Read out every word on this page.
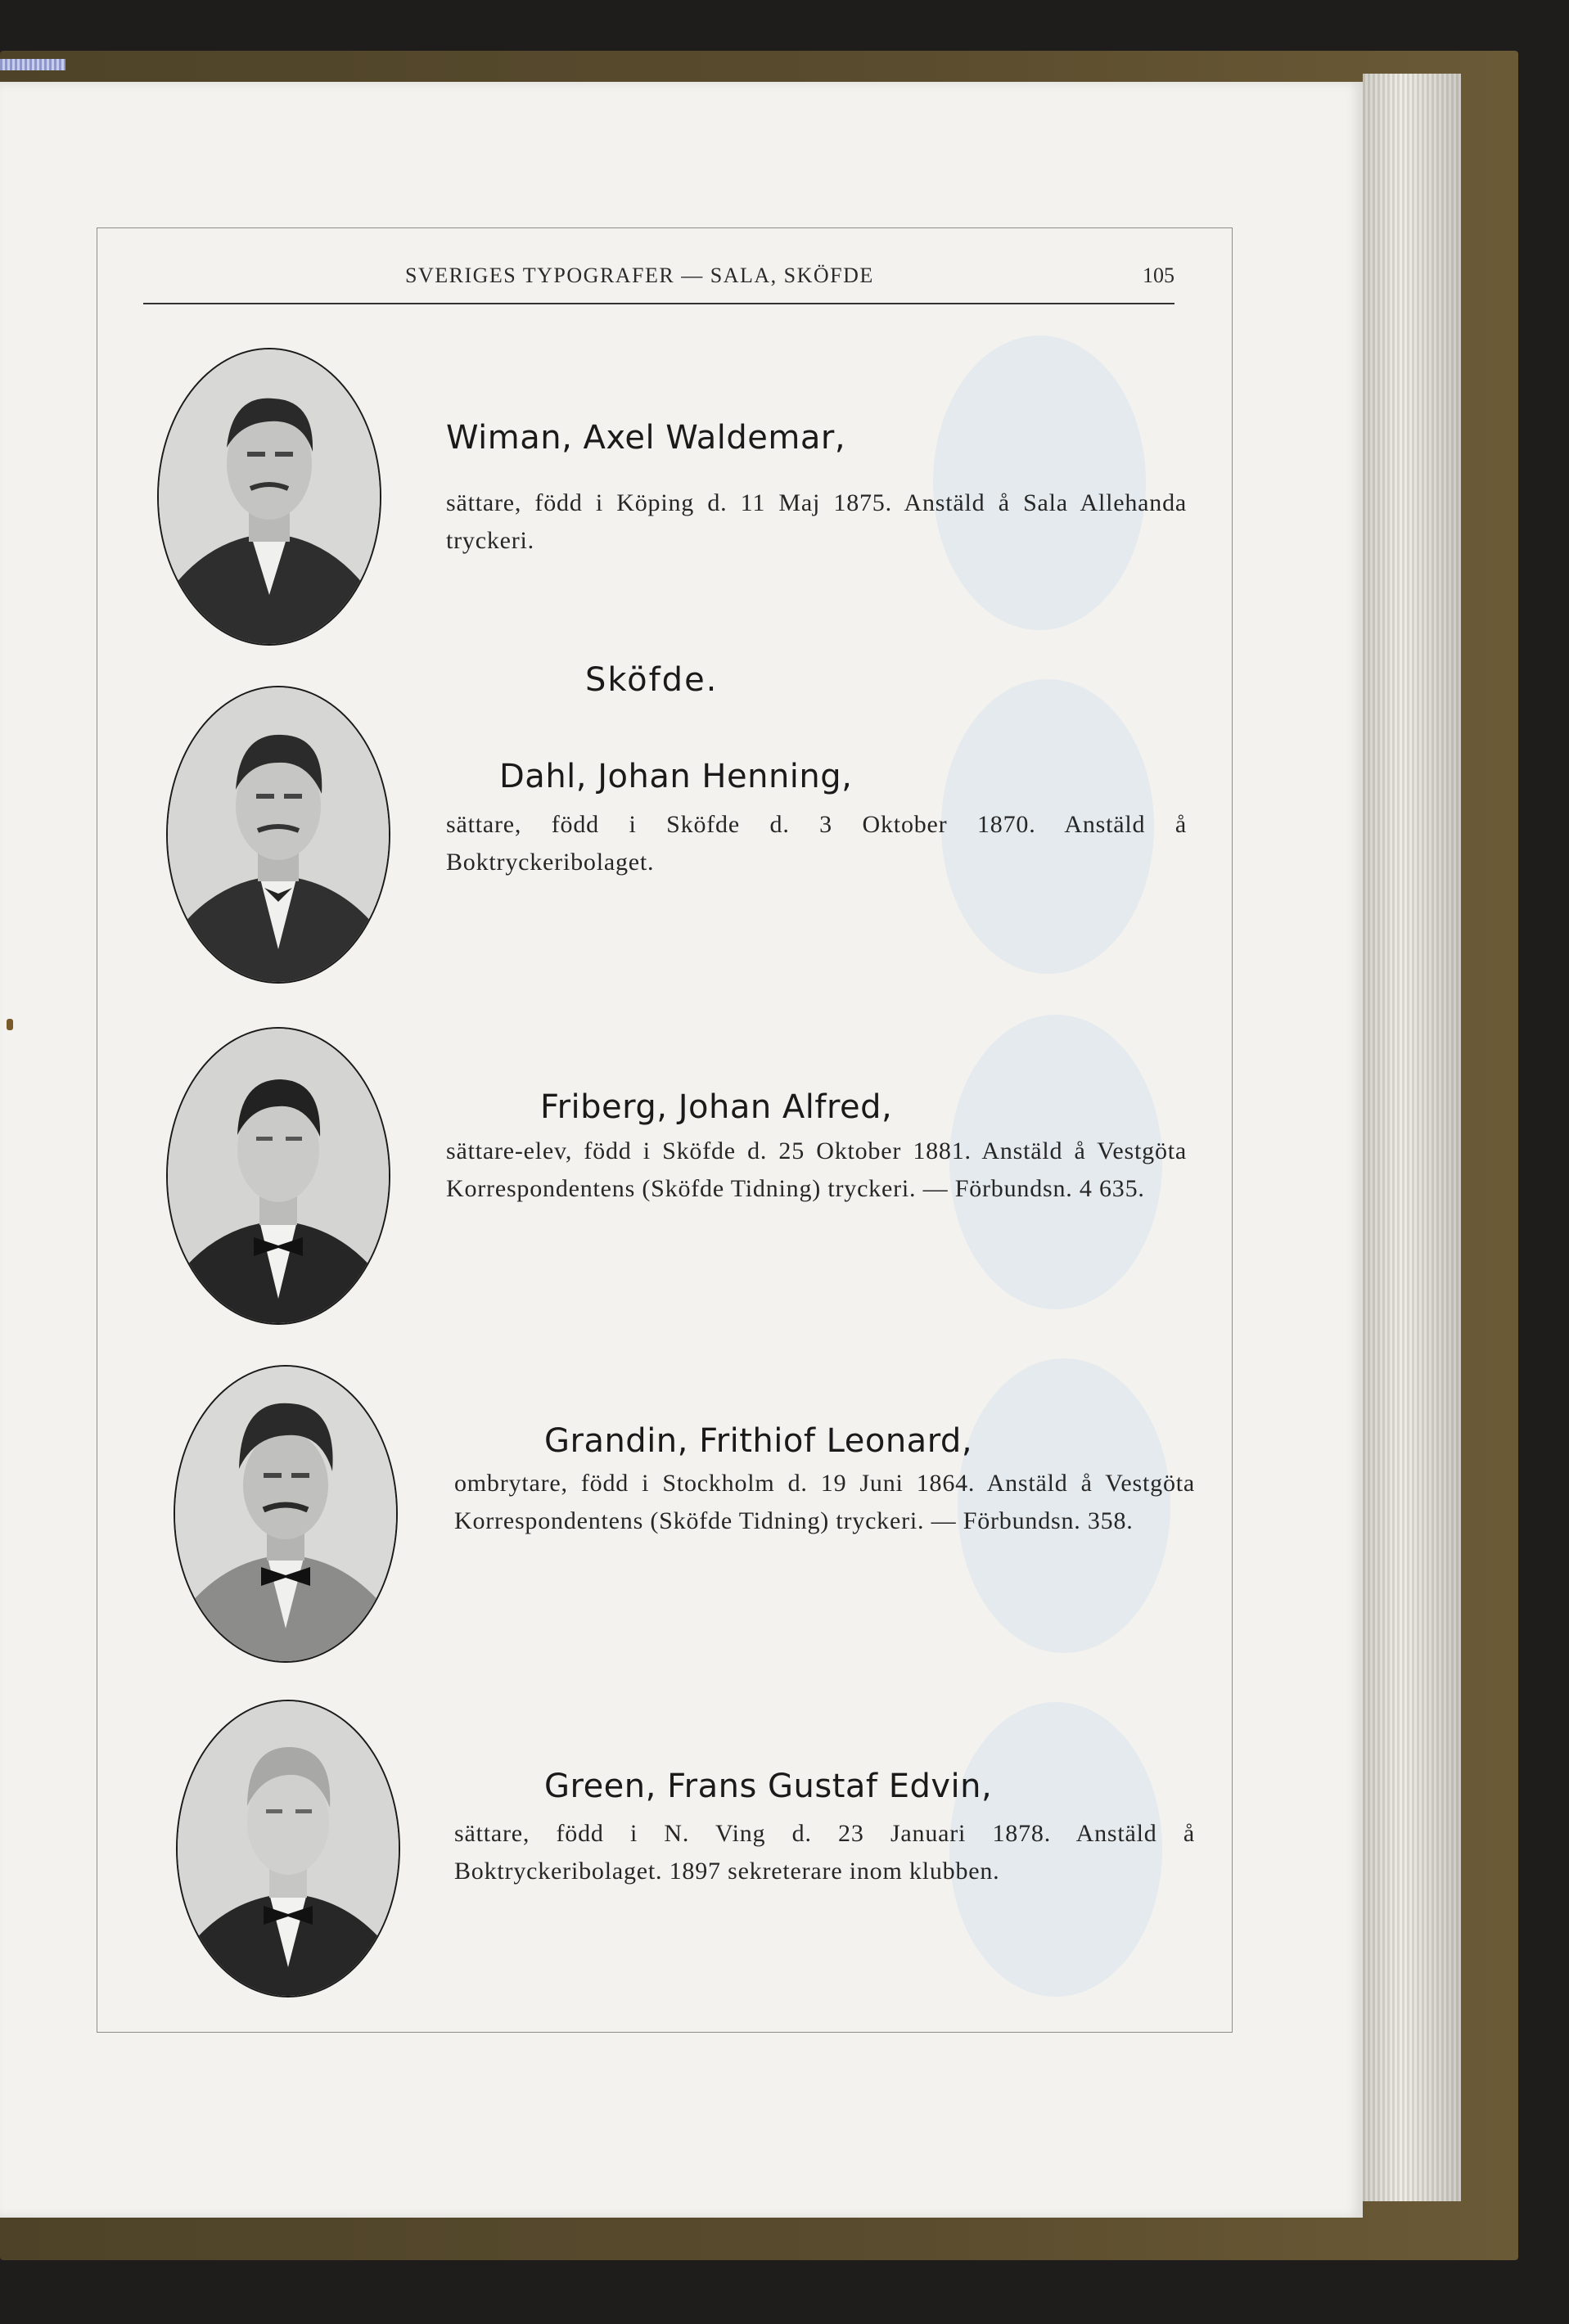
SVERIGES TYPOGRAFER — SALA, SKÖFDE	105
Sköfde.
Wiman, Axel Waldemar,
sättare, född i Köping d. 11 Maj 1875. Anstäld å Sala Allehanda tryckeri.
Dahl, Johan Henning,
sättare, född i Sköfde d. 3 Oktober 1870. Anstäld å Boktryckeribolaget.
Friberg, Johan Alfred,
sättare-elev, född i Sköfde d. 25 Oktober 1881. Anstäld å Vestgöta Korrespondentens (Sköfde Tidning) tryckeri. — Förbundsn. 4 635.
Grandin, Frithiof Leonard,
ombrytare, född i Stockholm d. 19 Juni 1864. Anstäld å Vestgöta Korrespondentens (Sköfde Tidning) tryckeri. — Förbundsn. 358.
Green, Frans Gustaf Edvin,
sättare, född i N. Ving d. 23 Januari 1878. Anstäld å Boktryckeribolaget. 1897 sekreterare inom klubben.
